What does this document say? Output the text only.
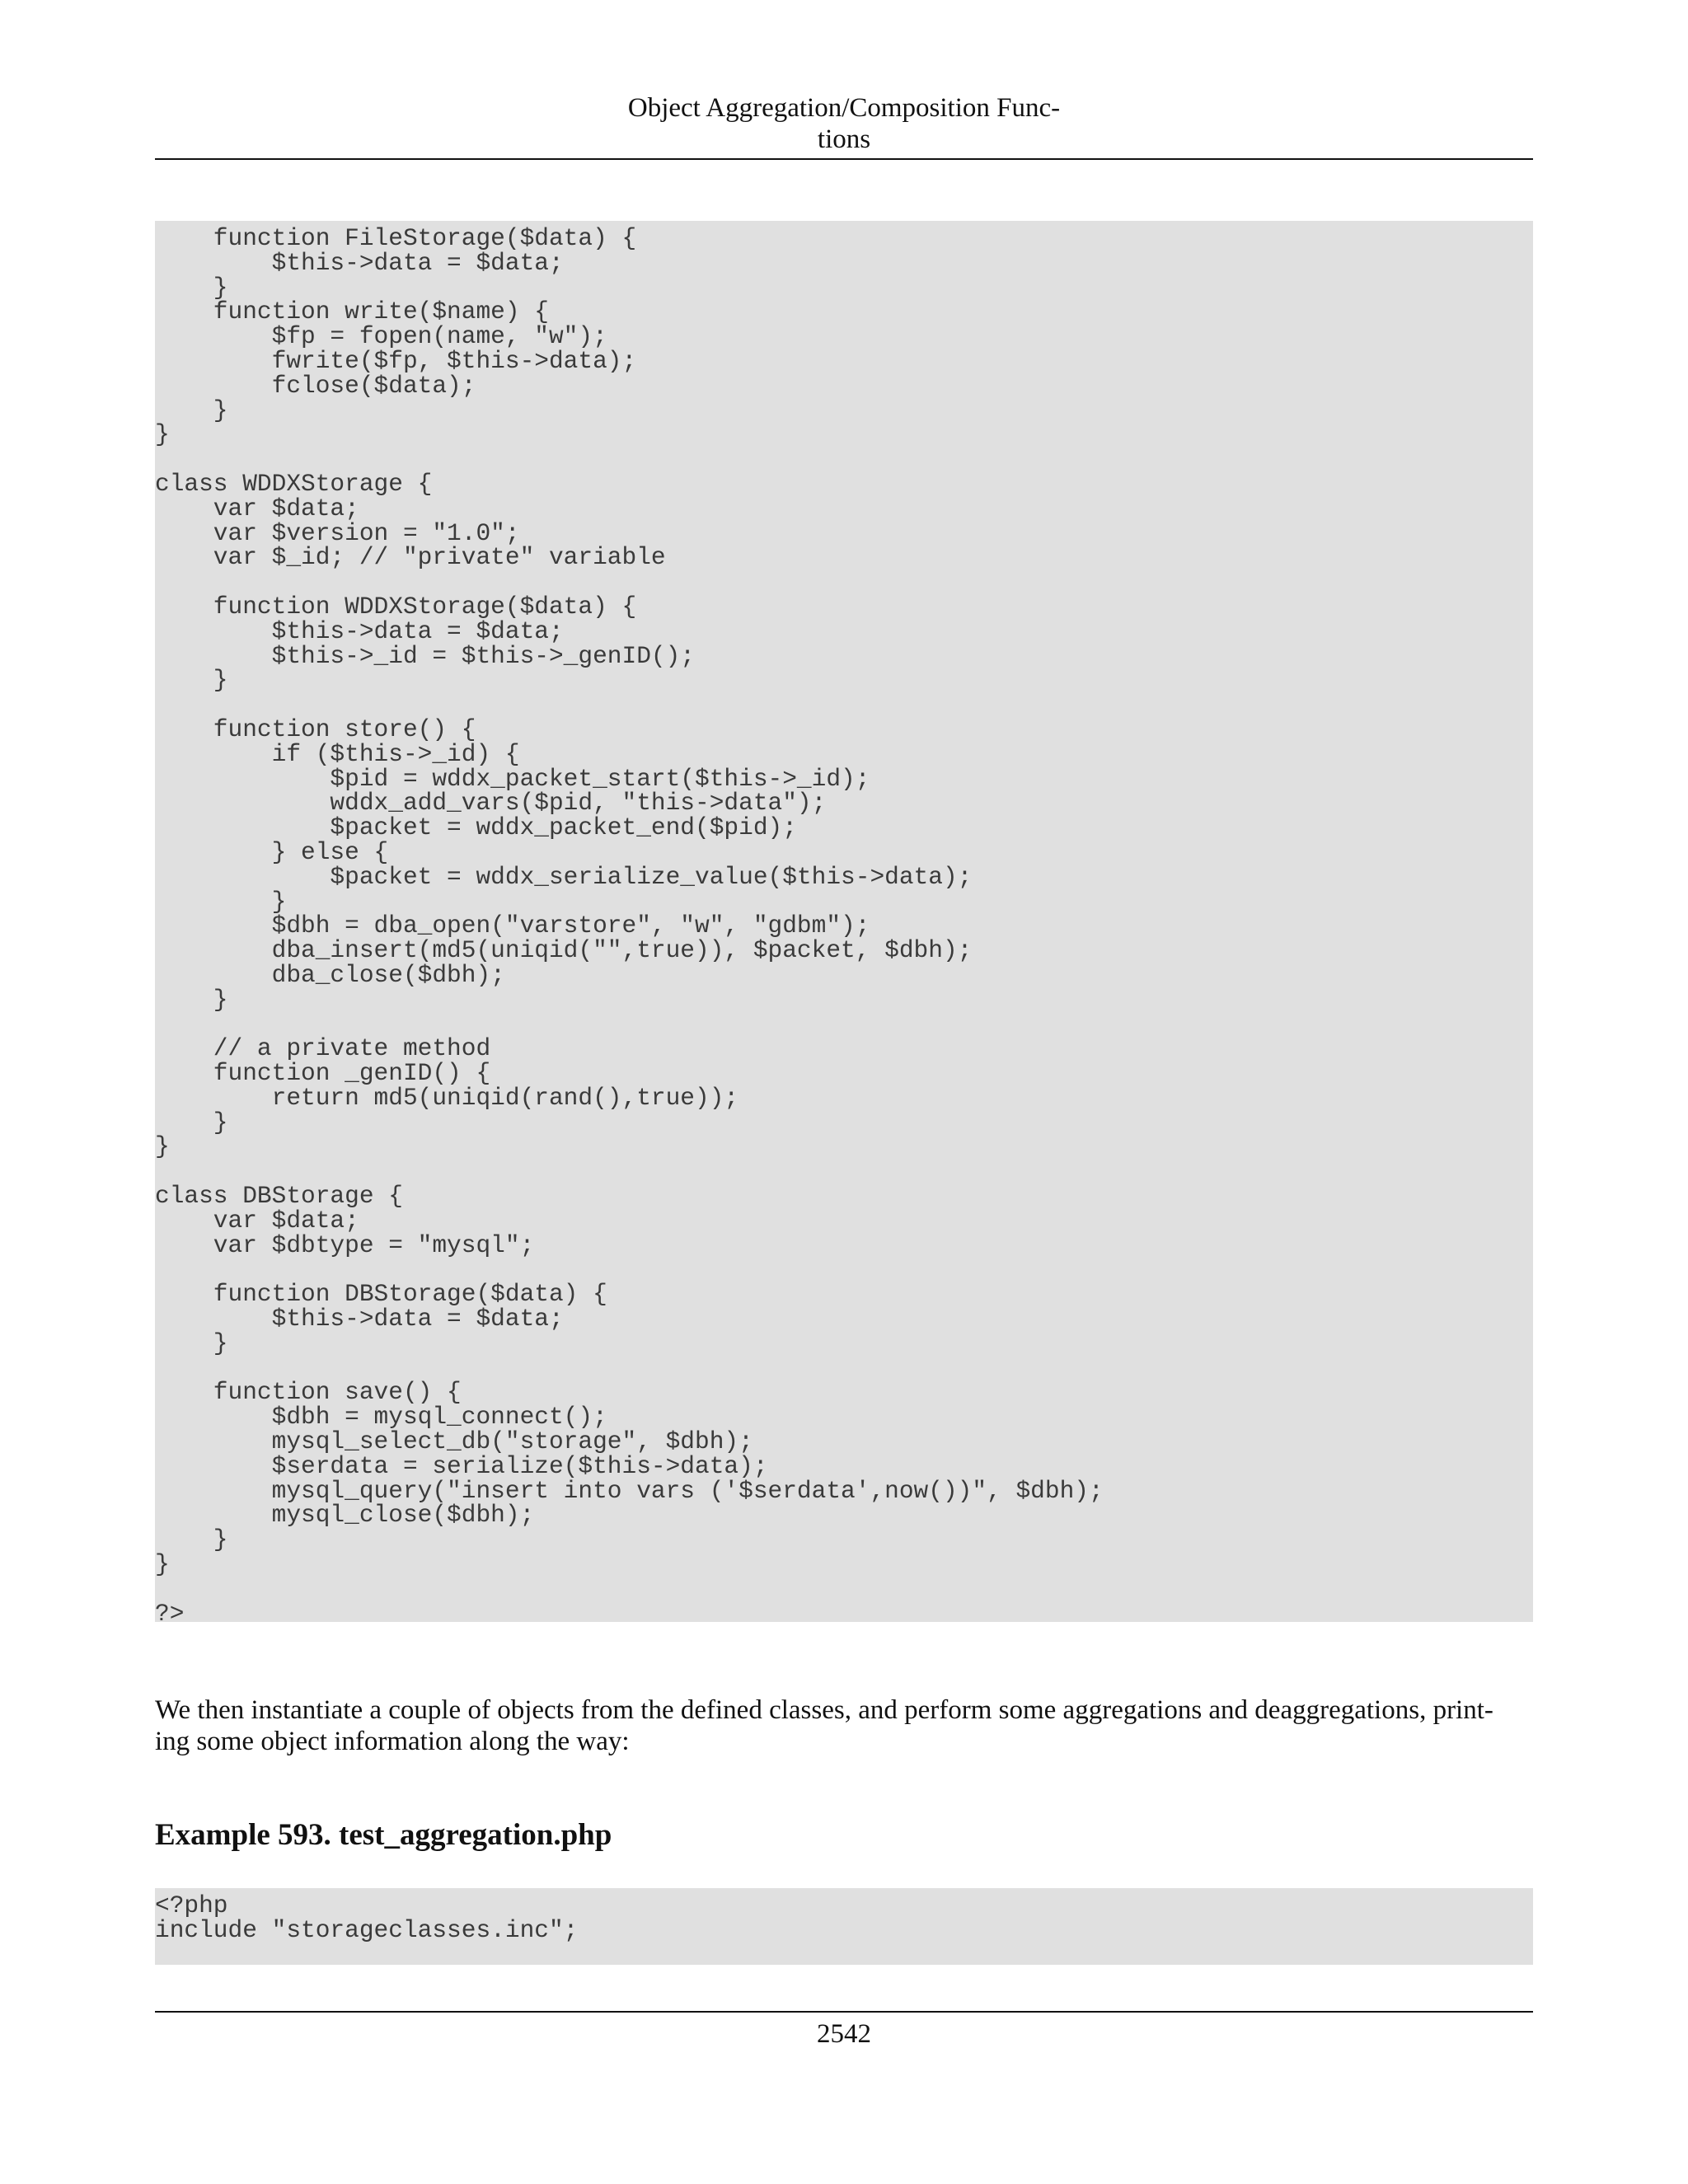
Object Aggregation/Composition Func-
tions
function FileStorage($data) {
$this->data = $data;
}
function write($name) {
$fp = fopen(name, "w");
fwrite($fp, $this->data);
fclose($data);
}
}

class WDDXStorage {
var $data;
var $version = "1.0";
var $_id; // "private" variable

function WDDXStorage($data) {
$this->data = $data;
$this->_id = $this->_genID();
}

function store() {
if ($this->_id) {
$pid = wddx_packet_start($this->_id);
wddx_add_vars($pid, "this->data");
$packet = wddx_packet_end($pid);
} else {
$packet = wddx_serialize_value($this->data);
}
$dbh = dba_open("varstore", "w", "gdbm");
dba_insert(md5(uniqid("",true)), $packet, $dbh);
dba_close($dbh);
}

// a private method
function _genID() {
return md5(uniqid(rand(),true));
}
}

class DBStorage {
var $data;
var $dbtype = "mysql";

function DBStorage($data) {
$this->data = $data;
}

function save() {
$dbh = mysql_connect();
mysql_select_db("storage", $dbh);
$serdata = serialize($this->data);
mysql_query("insert into vars ('$serdata',now())", $dbh);
mysql_close($dbh);
}
}

?>
We then instantiate a couple of objects from the defined classes, and perform some aggregations and deaggregations, print-
ing some object information along the way:
Example 593. test_aggregation.php
<?php
include "storageclasses.inc";
2542
